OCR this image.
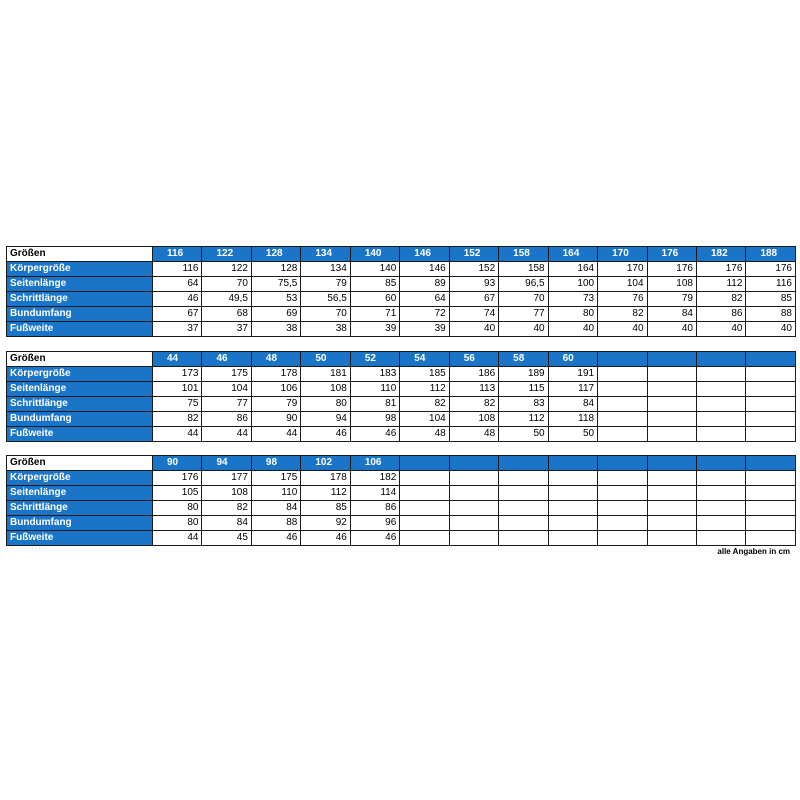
Größen	116	122	128	134	140	146	152	158	164	170	176	182	188
Körpergröße	116	122	128	134	140	146	152	158	164	170	176	176	176
Seitenlänge	64	70	75,5	79	85	89	93	96,5	100	104	108	112	116
Schrittlänge	46	49,5	53	56,5	60	64	67	70	73	76	79	82	85
Bundumfang	67	68	69	70	71	72	74	77	80	82	84	86	88
Fußweite	37	37	38	38	39	39	40	40	40	40	40	40	40
Größen	44	46	48	50	52	54	56	58	60				
Körpergröße	173	175	178	181	183	185	186	189	191				
Seitenlänge	101	104	106	108	110	112	113	115	117				
Schrittlänge	75	77	79	80	81	82	82	83	84				
Bundumfang	82	86	90	94	98	104	108	112	118				
Fußweite	44	44	44	46	46	48	48	50	50				
Größen	90	94	98	102	106								
Körpergröße	176	177	175	178	182								
Seitenlänge	105	108	110	112	114								
Schrittlänge	80	82	84	85	86								
Bundumfang	80	84	88	92	96								
Fußweite	44	45	46	46	46								
◌ ·········	alle Angaben in cm
